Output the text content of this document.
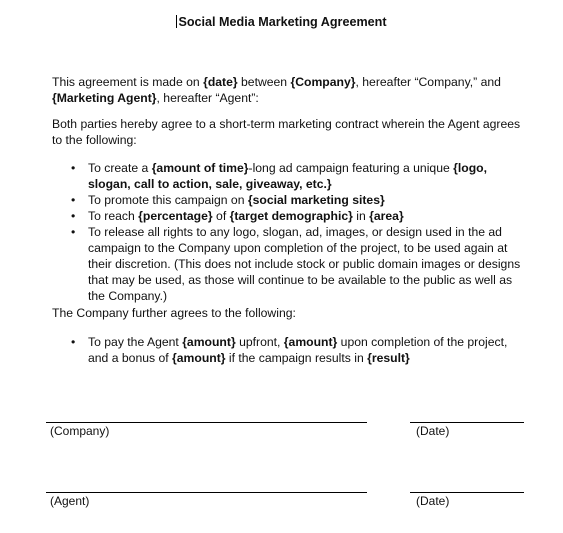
Social Media Marketing Agreement
This agreement is made on {date} between {Company}, hereafter “Company,” and
{Marketing Agent}, hereafter “Agent”:
Both parties hereby agree to a short-term marketing contract wherein the Agent agrees to the following:
• To create a {amount of time}-long ad campaign featuring a unique {logo, slogan, call to action, sale, giveaway, etc.}
• To promote this campaign on {social marketing sites}
• To reach {percentage} of {target demographic} in {area}
• To release all rights to any logo, slogan, ad, images, or design used in the ad campaign to the Company upon completion of the project, to be used again at their discretion. (This does not include stock or public domain images or designs that may be used, as those will continue to be available to the public as well as the Company.)
The Company further agrees to the following:
• To pay the Agent {amount} upfront, {amount} upon completion of the project, and a bonus of {amount} if the campaign results in {result}
(Company)	(Date)
(Agent)	(Date)
